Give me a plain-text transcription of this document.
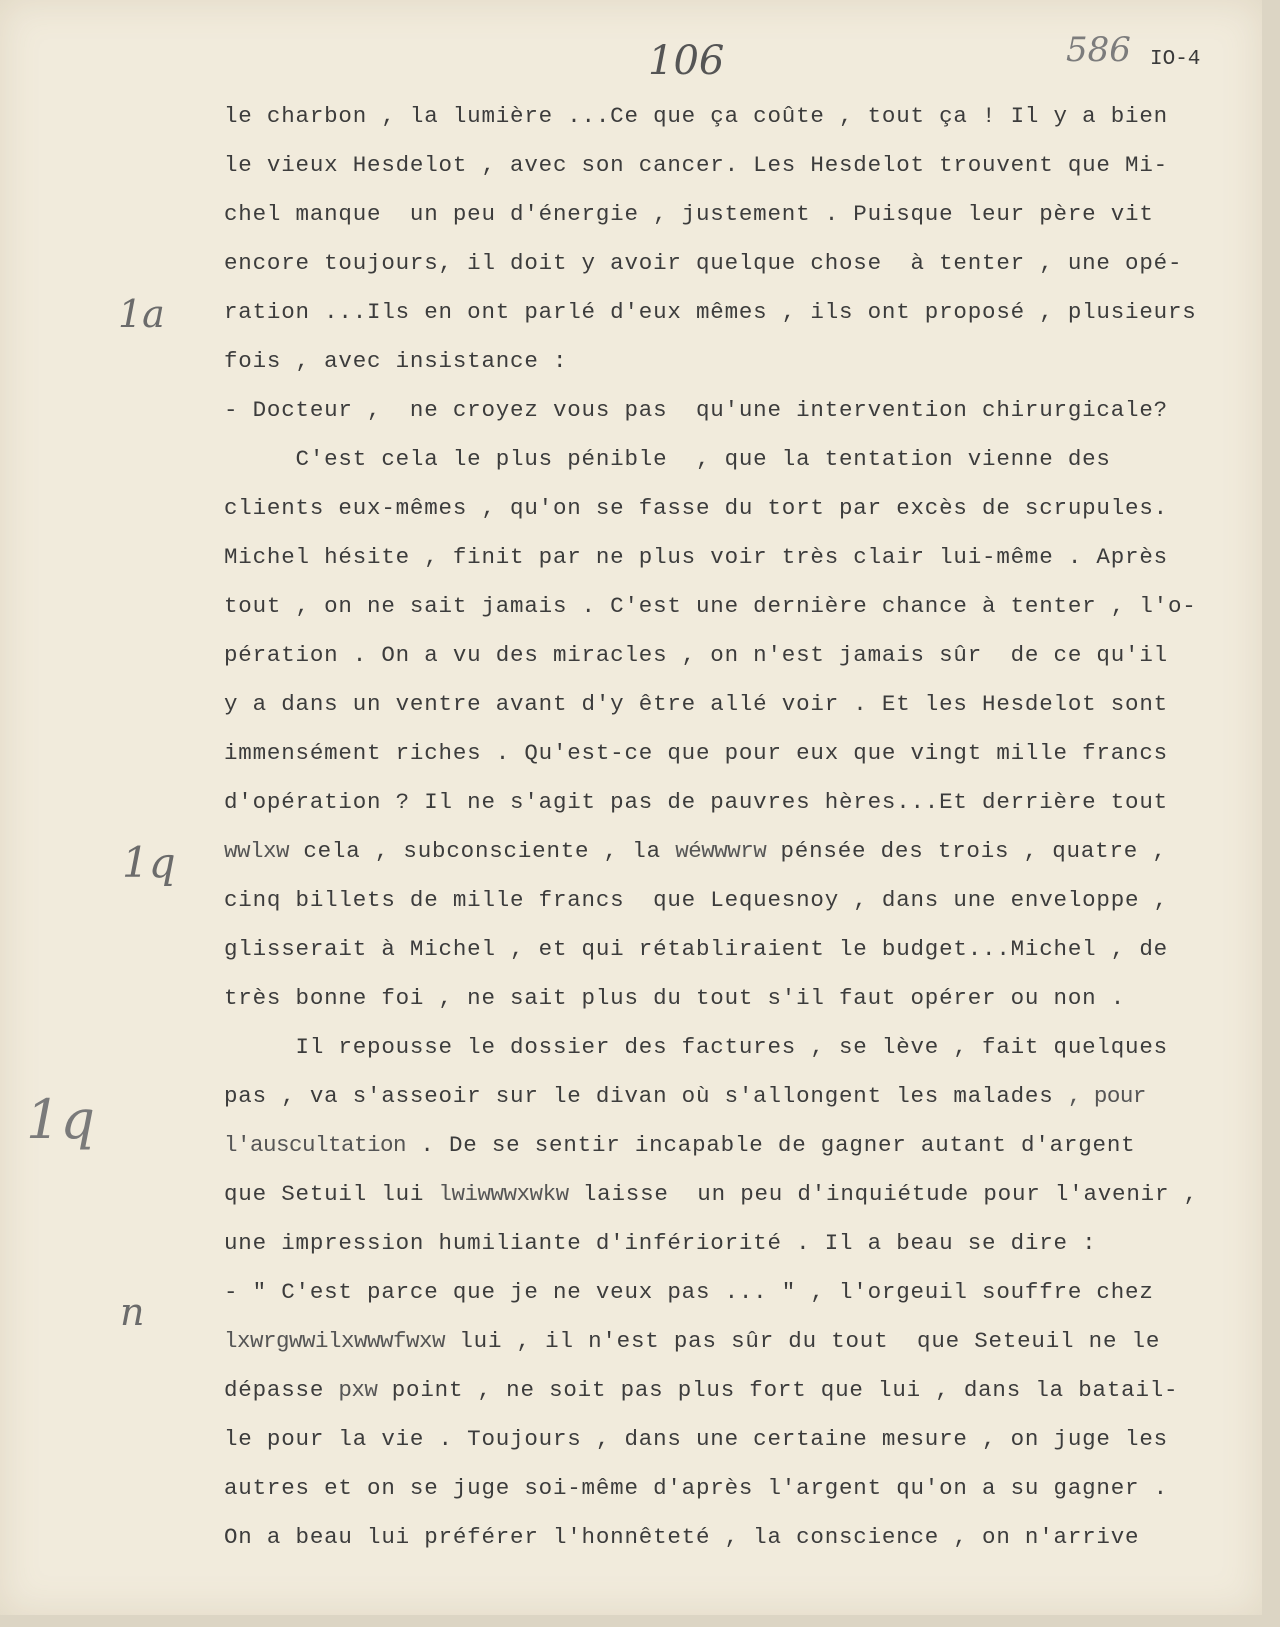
106	586 IO-4
1a
1q
1q
n
le charbon , la lumière ...Ce que ça coûte , tout ça ! Il y a bien
le vieux Hesdelot , avec son cancer. Les Hesdelot trouvent que Mi-
chel manque  un peu d'énergie , justement . Puisque leur père vit
encore toujours, il doit y avoir quelque chose  à tenter , une opé-
ration ...Ils en ont parlé d'eux mêmes , ils ont proposé , plusieurs
fois , avec insistance :
- Docteur ,  ne croyez vous pas  qu'une intervention chirurgicale?
C'est cela le plus pénible  , que la tentation vienne des
clients eux-mêmes , qu'on se fasse du tort par excès de scrupules.
Michel hésite , finit par ne plus voir très clair lui-même . Après
tout , on ne sait jamais . C'est une dernière chance à tenter , l'o-
pération . On a vu des miracles , on n'est jamais sûr  de ce qu'il
y a dans un ventre avant d'y être allé voir . Et les Hesdelot sont
immensément riches . Qu'est-ce que pour eux que vingt mille francs
d'opération ? Il ne s'agit pas de pauvres hères...Et derrière tout
wwlxw cela , subconsciente , la wéwwwrw pénsée des trois , quatre ,
cinq billets de mille francs  que Lequesnoy , dans une enveloppe ,
glisserait à Michel , et qui rétabliraient le budget...Michel , de
très bonne foi , ne sait plus du tout s'il faut opérer ou non .
Il repousse le dossier des factures , se lève , fait quelques
pas , va s'asseoir sur le divan où s'allongent les malades , pour
l'auscultation . De se sentir incapable de gagner autant d'argent
que Setuil lui lwiwwwxwkw laisse  un peu d'inquiétude pour l'avenir ,
une impression humiliante d'infériorité . Il a beau se dire :
- " C'est parce que je ne veux pas ... " , l'orgeuil souffre chez
lxwrgwwilxwwwfwxw lui , il n'est pas sûr du tout  que Seteuil ne le
dépasse pxw point , ne soit pas plus fort que lui , dans la batail-
le pour la vie . Toujours , dans une certaine mesure , on juge les
autres et on se juge soi-même d'après l'argent qu'on a su gagner .
On a beau lui préférer l'honnêteté , la conscience , on n'arrive
